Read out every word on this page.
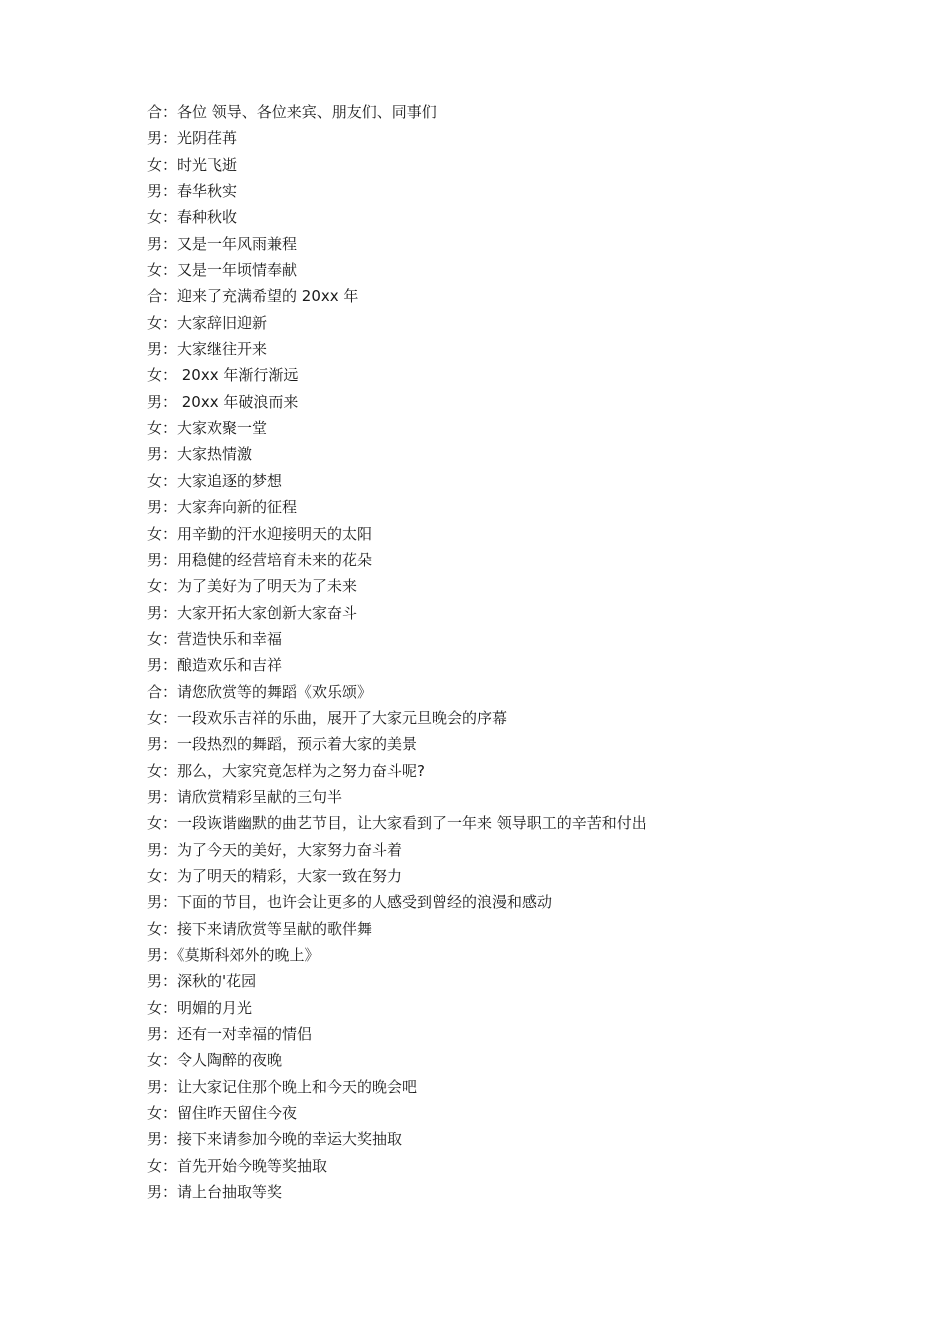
合：各位 领导、各位来宾、朋友们、同事们
男：光阴荏苒
女：时光飞逝
男：春华秋实
女：春种秋收
男：又是一年风雨兼程
女：又是一年顷情奉献
合：迎来了充满希望的 20xx 年
女：大家辞旧迎新
男：大家继往开来
女： 20xx 年渐行渐远
男： 20xx 年破浪而来
女：大家欢聚一堂
男：大家热情激
女：大家追逐的梦想
男：大家奔向新的征程
女：用辛勤的汗水迎接明天的太阳
男：用稳健的经营培育未来的花朵
女：为了美好为了明天为了未来
男：大家开拓大家创新大家奋斗
女：营造快乐和幸福
男：酿造欢乐和吉祥
合：请您欣赏等的舞蹈《欢乐颂》
女：一段欢乐吉祥的乐曲，展开了大家元旦晚会的序幕
男：一段热烈的舞蹈，预示着大家的美景
女：那么，大家究竟怎样为之努力奋斗呢?
男：请欣赏精彩呈献的三句半
女：一段诙谐幽默的曲艺节目，让大家看到了一年来 领导职工的辛苦和付出
男：为了今天的美好，大家努力奋斗着
女：为了明天的精彩，大家一致在努力
男：下面的节目，也许会让更多的人感受到曾经的浪漫和感动
女：接下来请欣赏等呈献的歌伴舞
男：《莫斯科郊外的晚上》
男：深秋的'花园
女：明媚的月光
男：还有一对幸福的情侣
女：令人陶醉的夜晚
男：让大家记住那个晚上和今天的晚会吧
女：留住昨天留住今夜
男：接下来请参加今晚的幸运大奖抽取
女：首先开始今晚等奖抽取
男：请上台抽取等奖
